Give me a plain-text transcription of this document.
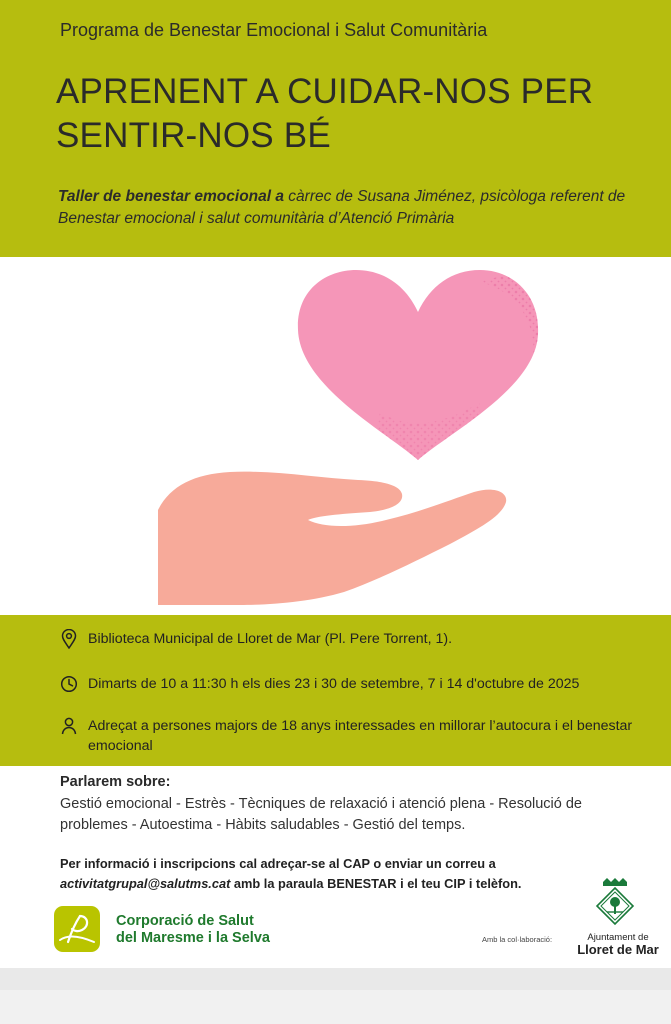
Programa de Benestar Emocional i Salut Comunitària
APRENENT A CUIDAR-NOS PER
SENTIR-NOS BÉ
Taller de benestar emocional a càrrec de Susana Jiménez, psicòloga referent de Benestar emocional i salut comunitària d’Atenció Primària
Biblioteca Municipal de Lloret de Mar (Pl. Pere Torrent, 1).
Dimarts de 10 a 11:30 h els dies 23 i 30 de setembre, 7 i 14 d'octubre de 2025
Adreçat a persones majors de 18 anys interessades en millorar l’autocura i el benestar emocional
Parlarem sobre:
Gestió emocional - Estrès - Tècniques de relaxació i atenció plena - Resolució de problemes - Autoestima - Hàbits saludables - Gestió del temps.
Per informació i inscripcions cal adreçar-se al CAP o enviar un correu a
activitatgrupal@salutms.cat amb la paraula BENESTAR i el teu CIP i telèfon.
Corporació de Salut
del Maresme i la Selva	Amb la col·laboració:	Ajuntament de
Lloret de Mar
